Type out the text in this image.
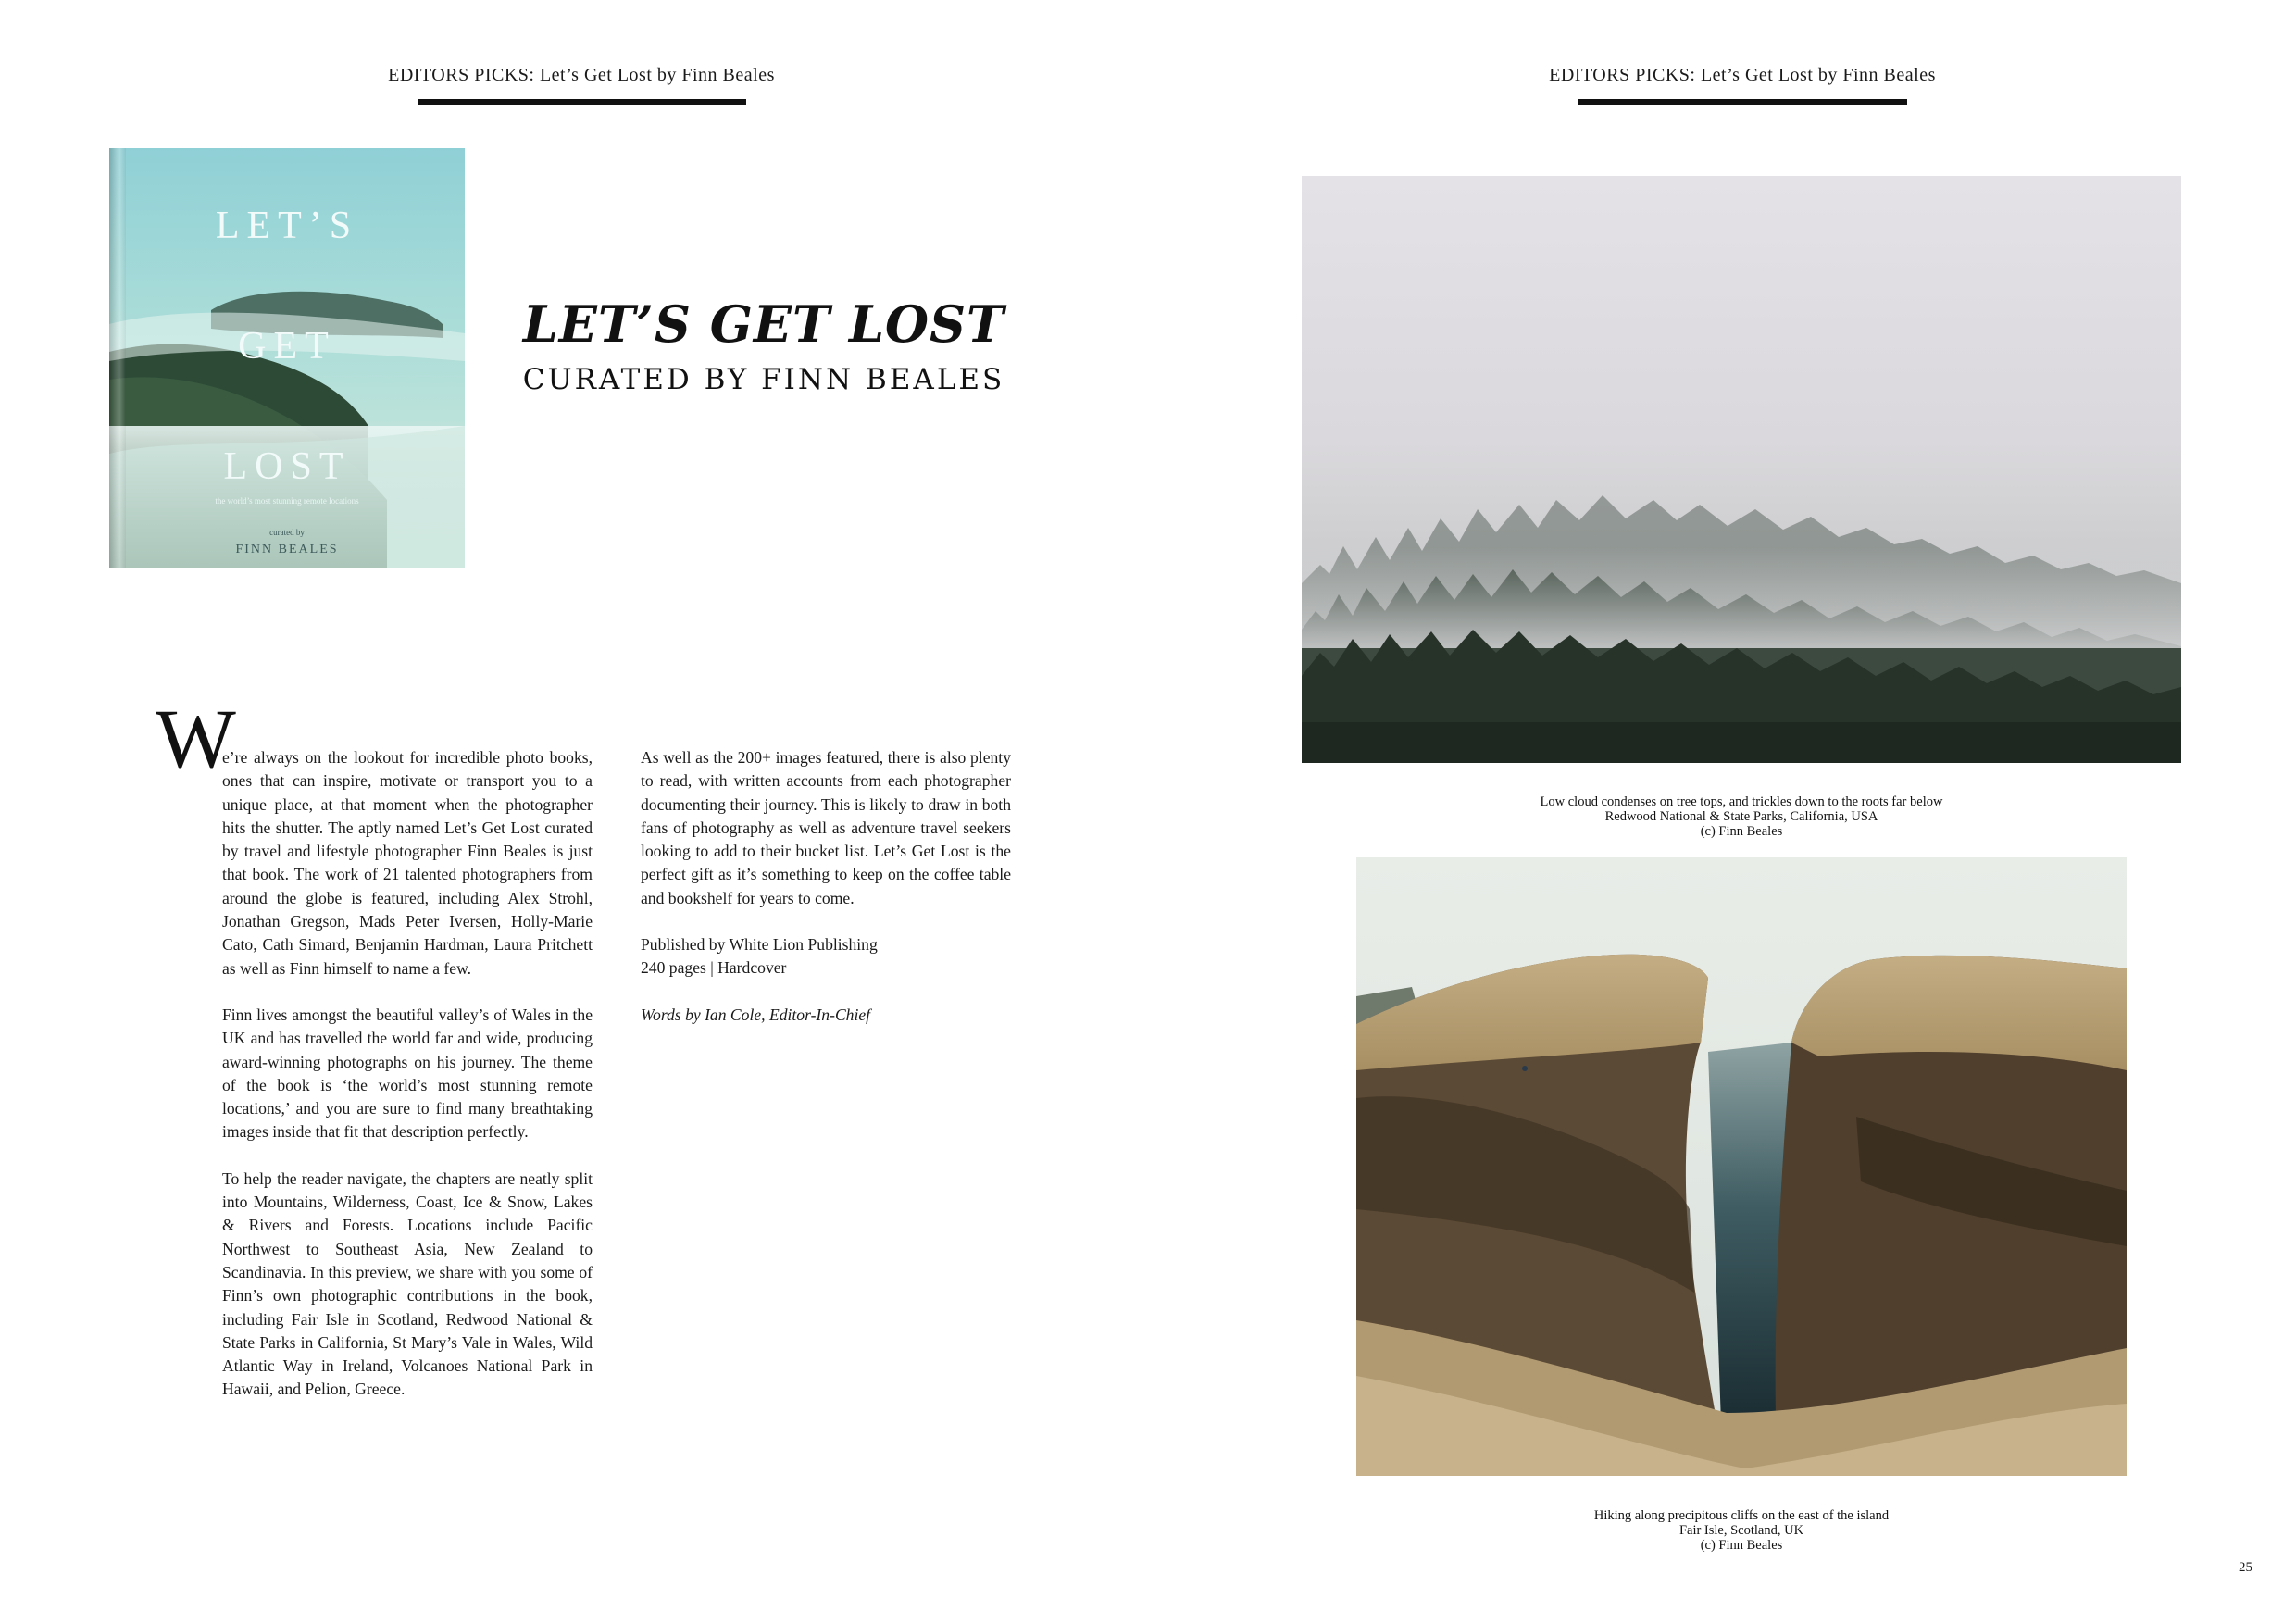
EDITORS PICKS: Let’s Get Lost by Finn Beales	EDITORS PICKS: Let’s Get Lost by Finn Beales
LET’S
GET
LOST
the world’s most stunning remote locations
curated by
FINN BEALES
LET’S GET LOST
CURATED BY FINN BEALES
W

e’re always on the lookout for incredible photo books, ones that can inspire, motivate or transport you to a unique place, at that moment when the photographer hits the shutter. The aptly named Let’s Get Lost curated by travel and lifestyle photographer Finn Beales is just that book. The work of 21 talented photographers from around the globe is featured, including Alex Strohl, Jonathan Gregson, Mads Peter Iversen, Holly-Marie Cato, Cath Simard, Benjamin Hardman, Laura Pritchett as well as Finn himself to name a few.

Finn lives amongst the beautiful valley’s of Wales in the UK and has travelled the world far and wide, producing award-winning photographs on his journey. The theme of the book is ‘the world’s most stunning remote locations,’ and you are sure to find many breathtaking images inside that fit that description perfectly.

To help the reader navigate, the chapters are neatly split into Mountains, Wilderness, Coast, Ice & Snow, Lakes & Rivers and Forests. Locations include Pacific Northwest to Southeast Asia, New Zealand to Scandinavia. In this preview, we share with you some of Finn’s own photographic contributions in the book, including Fair Isle in Scotland, Redwood National & State Parks in California, St Mary’s Vale in Wales, Wild Atlantic Way in Ireland, Volcanoes National Park in Hawaii, and Pelion, Greece.

As well as the 200+ images featured, there is also plenty to read, with written accounts from each photographer documenting their journey. This is likely to draw in both fans of photography as well as adventure travel seekers looking to add to their bucket list. Let’s Get Lost is the perfect gift as it’s something to keep on the coffee table and bookshelf for years to come.

Published by White Lion Publishing
240 pages | Hardcover

Words by Ian Cole, Editor-In-Chief

Low cloud condenses on tree tops, and trickles down to the roots far below
Redwood National & State Parks, California, USA
(c) Finn Beales
Hiking along precipitous cliffs on the east of the island
Fair Isle, Scotland, UK
(c) Finn Beales
25
